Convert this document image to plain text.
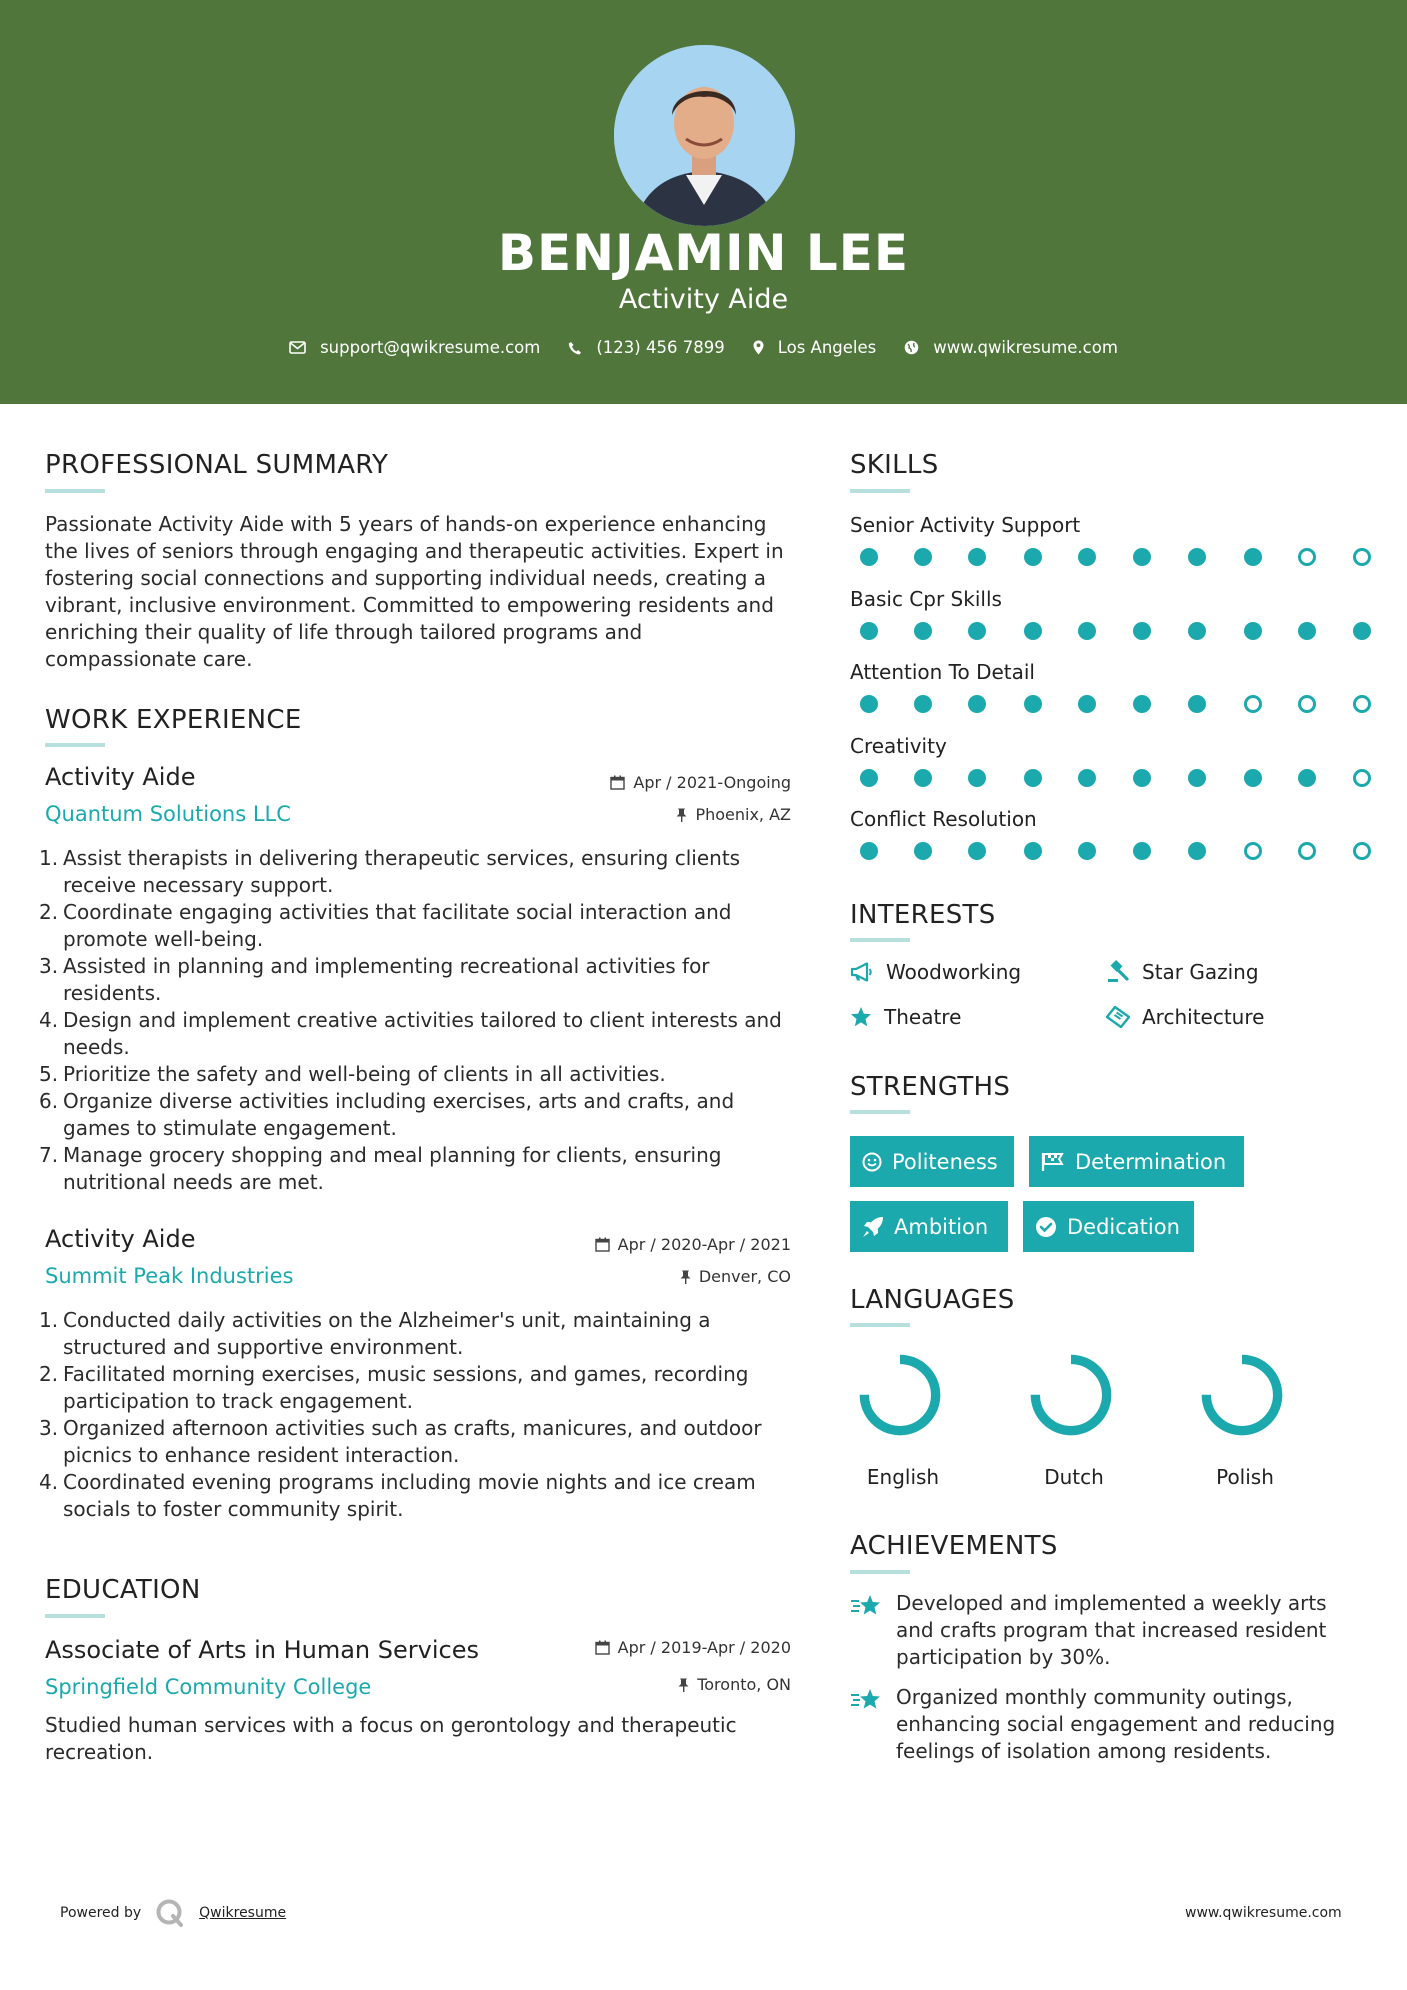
BENJAMIN LEE
Activity Aide
support@qwikresume.com	(123) 456 7899	Los Angeles	www.qwikresume.com
PROFESSIONAL SUMMARY
Passionate Activity Aide with 5 years of hands-on experience enhancing the lives of seniors through engaging and therapeutic activities. Expert in fostering social connections and supporting individual needs, creating a vibrant, inclusive environment. Committed to empowering residents and enriching their quality of life through tailored programs and compassionate care.
WORK EXPERIENCE
Activity Aide
Quantum Solutions LLC
Apr / 2021-Ongoing
Phoenix, AZ
1. Assist therapists in delivering therapeutic services, ensuring clients receive necessary support.
2. Coordinate engaging activities that facilitate social interaction and promote well-being.
3. Assisted in planning and implementing recreational activities for residents.
4. Design and implement creative activities tailored to client interests and needs.
5. Prioritize the safety and well-being of clients in all activities.
6. Organize diverse activities including exercises, arts and crafts, and games to stimulate engagement.
7. Manage grocery shopping and meal planning for clients, ensuring nutritional needs are met.
Activity Aide
Summit Peak Industries
Apr / 2020-Apr / 2021
Denver, CO
1. Conducted daily activities on the Alzheimer's unit, maintaining a structured and supportive environment.
2. Facilitated morning exercises, music sessions, and games, recording participation to track engagement.
3. Organized afternoon activities such as crafts, manicures, and outdoor picnics to enhance resident interaction.
4. Coordinated evening programs including movie nights and ice cream socials to foster community spirit.
EDUCATION
Associate of Arts in Human Services
Springfield Community College
Apr / 2019-Apr / 2020
Toronto, ON
Studied human services with a focus on gerontology and therapeutic recreation.
SKILLS
Senior Activity Support
Basic Cpr Skills
Attention To Detail
Creativity
Conflict Resolution
INTERESTS
Woodworking	Star Gazing
Theatre	Architecture
STRENGTHS
Politeness	Determination
Ambition	Dedication
LANGUAGES
English	Dutch	Polish
ACHIEVEMENTS
Developed and implemented a weekly arts and crafts program that increased resident participation by 30%.
Organized monthly community outings, enhancing social engagement and reducing feelings of isolation among residents.
Powered by	Qwikresume	www.qwikresume.com
